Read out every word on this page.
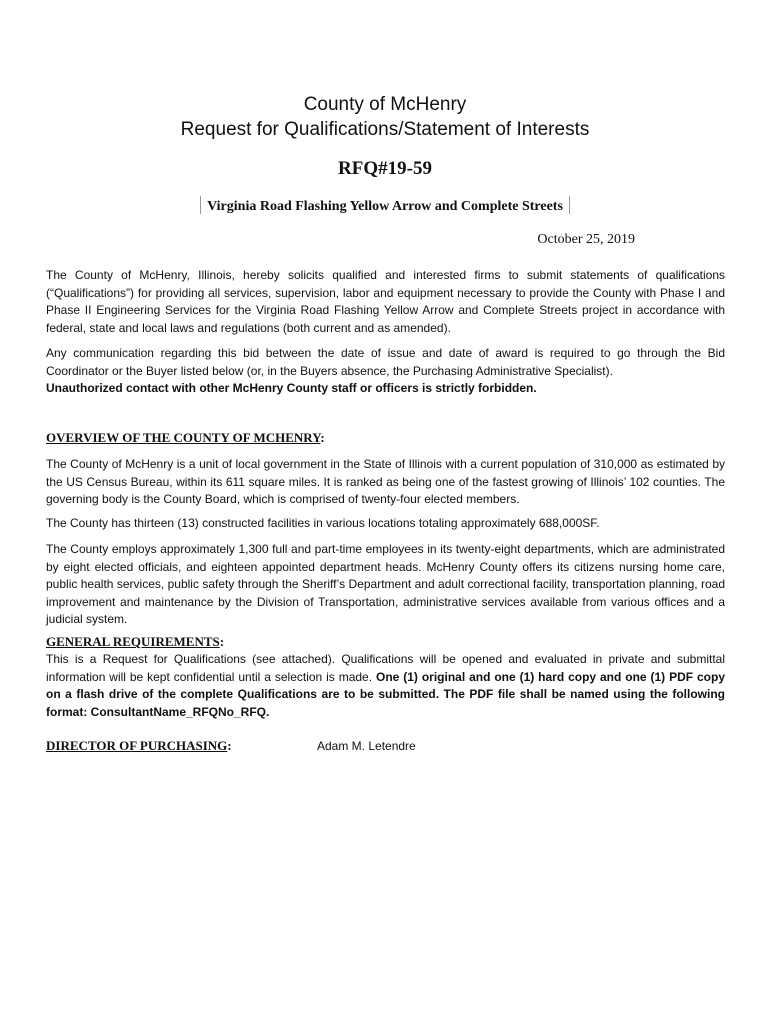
County of McHenry
Request for Qualifications/Statement of Interests
RFQ#19-59
Virginia Road Flashing Yellow Arrow and Complete Streets
October 25, 2019
The County of McHenry, Illinois, hereby solicits qualified and interested firms to submit statements of qualifications (“Qualifications”) for providing all services, supervision, labor and equipment necessary to provide the County with Phase I and Phase II Engineering Services for the Virginia Road Flashing Yellow Arrow and Complete Streets project in accordance with federal, state and local laws and regulations (both current and as amended).
Any communication regarding this bid between the date of issue and date of award is required to go through the Bid Coordinator or the Buyer listed below (or, in the Buyers absence, the Purchasing Administrative Specialist).
Unauthorized contact with other McHenry County staff or officers is strictly forbidden.
OVERVIEW OF THE COUNTY OF MCHENRY:
The County of McHenry is a unit of local government in the State of Illinois with a current population of 310,000 as estimated by the US Census Bureau, within its 611 square miles. It is ranked as being one of the fastest growing of Illinois’ 102 counties. The governing body is the County Board, which is comprised of twenty-four elected members.
The County has thirteen (13) constructed facilities in various locations totaling approximately 688,000SF.
The County employs approximately 1,300 full and part-time employees in its twenty-eight departments, which are administrated by eight elected officials, and eighteen appointed department heads. McHenry County offers its citizens nursing home care, public health services, public safety through the Sheriff’s Department and adult correctional facility, transportation planning, road improvement and maintenance by the Division of Transportation, administrative services available from various offices and a judicial system.
GENERAL REQUIREMENTS:
This is a Request for Qualifications (see attached). Qualifications will be opened and evaluated in private and submittal information will be kept confidential until a selection is made. One (1) original and one (1) hard copy and one (1) PDF copy on a flash drive of the complete Qualifications are to be submitted. The PDF file shall be named using the following format: ConsultantName_RFQNo_RFQ.
DIRECTOR OF PURCHASING:	Adam M. Letendre
